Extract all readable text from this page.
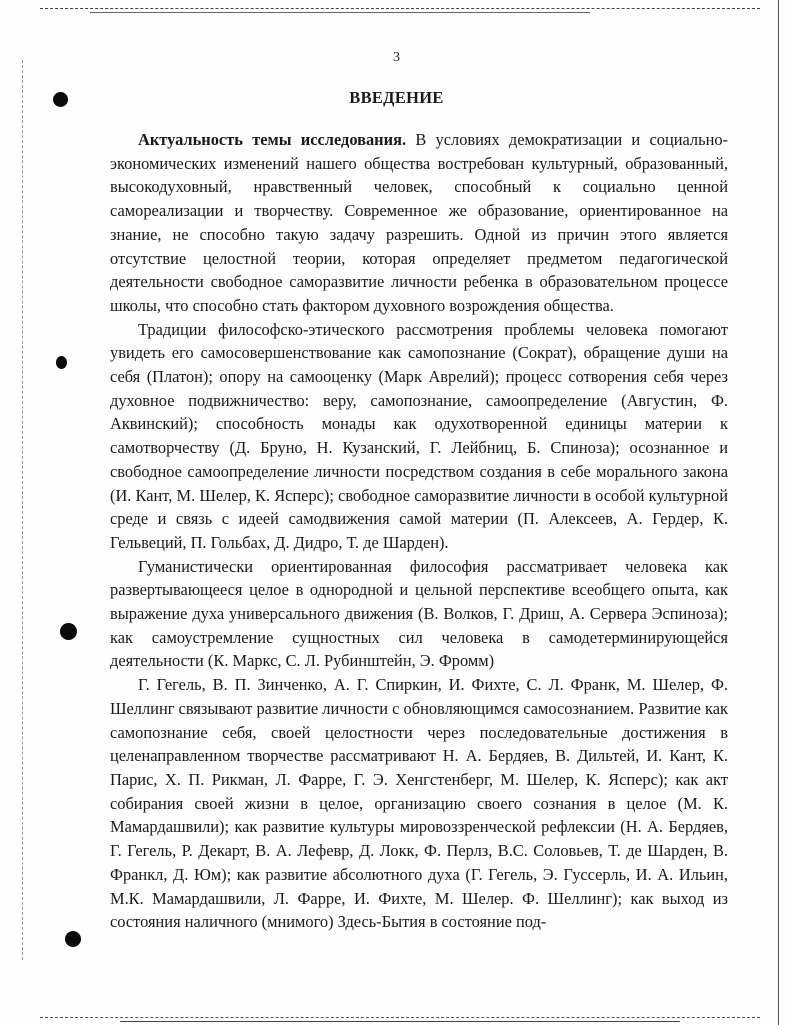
3
ВВЕДЕНИЕ

Актуальность темы исследования. В условиях демократизации и социально-экономических изменений нашего общества востребован культурный, образованный, высокодуховный, нравственный человек, способный к социально ценной самореализации и творчеству. Современное же образование, ориентированное на знание, не способно такую задачу разрешить. Одной из причин этого является отсутствие целостной теории, которая определяет предметом педагогической деятельности свободное саморазвитие личности ребенка в образовательном процессе школы, что способно стать фактором духовного возрождения общества.

Традиции философско-этического рассмотрения проблемы человека помогают увидеть его самосовершенствование как самопознание (Сократ), обращение души на себя (Платон); опору на самооценку (Марк Аврелий); процесс сотворения себя через духовное подвижничество: веру, самопознание, самоопределение (Августин, Ф. Аквинский); способность монады как одухотворенной единицы материи к самотворчеству (Д. Бруно, Н. Кузанский, Г. Лейбниц, Б. Спиноза); осознанное и свободное самоопределение личности посредством создания в себе морального закона (И. Кант, М. Шелер, К. Ясперс); свободное саморазвитие личности в особой культурной среде и связь с идеей самодвижения самой материи (П. Алексеев, А. Гердер, К. Гельвеций, П. Гольбах, Д. Дидро, Т. де Шарден).

Гуманистически ориентированная философия рассматривает человека как развертывающееся целое в однородной и цельной перспективе всеобщего опыта, как выражение духа универсального движения (В. Волков, Г. Дриш, А. Сервера Эспиноза); как самоустремление сущностных сил человека в самодетерминирующейся деятельности (К. Маркс, С. Л. Рубинштейн, Э. Фромм)

Г. Гегель, В. П. Зинченко, А. Г. Спиркин, И. Фихте, С. Л. Франк, М. Шелер, Ф. Шеллинг связывают развитие личности с обновляющимся самосознанием. Развитие как самопознание себя, своей целостности через последовательные достижения в целенаправленном творчестве рассматривают Н. А. Бердяев, В. Дильтей, И. Кант, К. Парис, Х. П. Рикман, Л. Фарре, Г. Э. Хенгстенберг, М. Шелер, К. Ясперс); как акт собирания своей жизни в целое, организацию своего сознания в целое (М. К. Мамардашвили); как развитие культуры мировоззренческой рефлексии (Н. А. Бердяев, Г. Гегель, Р. Декарт, В. А. Лефевр, Д. Локк, Ф. Перлз, В.С. Соловьев, Т. де Шарден, В. Франкл, Д. Юм); как развитие абсолютного духа (Г. Гегель, Э. Гуссерль, И. А. Ильин, М.К. Мамардашвили, Л. Фарре, И. Фихте, М. Шелер. Ф. Шеллинг); как выход из состояния наличного (мнимого) Здесь-Бытия в состояние под-
